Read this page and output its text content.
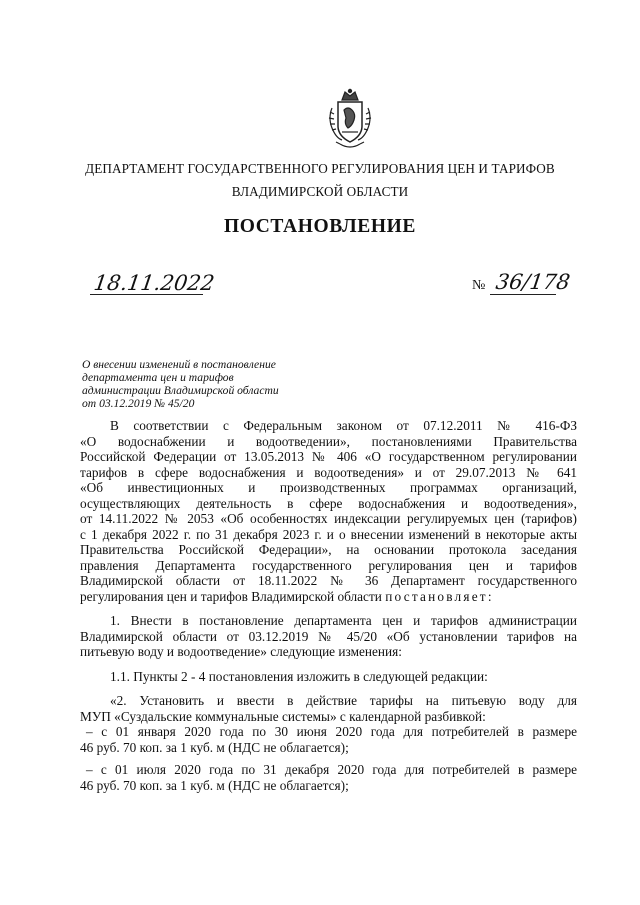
ДЕПАРТАМЕНТ ГОСУДАРСТВЕННОГО РЕГУЛИРОВАНИЯ ЦЕН И ТАРИФОВ
ВЛАДИМИРСКОЙ ОБЛАСТИ
ПОСТАНОВЛЕНИЕ
18.11.2022	№ 36/178
О внесении изменений в постановление
департамента цен и тарифов
администрации Владимирской области
от 03.12.2019 № 45/20
В соответствии с Федеральным законом от 07.12.2011 № 416-ФЗ
«О водоснабжении и водоотведении», постановлениями Правительства
Российской Федерации от 13.05.2013 № 406 «О государственном регулировании
тарифов в сфере водоснабжения и водоотведения» и от 29.07.2013 № 641
«Об инвестиционных и производственных программах организаций,
осуществляющих деятельность в сфере водоснабжения и водоотведения»,
от 14.11.2022 № 2053 «Об особенностях индексации регулируемых цен (тарифов)
с 1 декабря 2022 г. по 31 декабря 2023 г. и о внесении изменений в некоторые акты
Правительства Российской Федерации», на основании протокола заседания
правления Департамента государственного регулирования цен и тарифов
Владимирской области от 18.11.2022 № 36 Департамент государственного
регулирования цен и тарифов Владимирской области постановляет:
1. Внести в постановление департамента цен и тарифов администрации
Владимирской области от 03.12.2019 № 45/20 «Об установлении тарифов на
питьевую воду и водоотведение» следующие изменения:
1.1. Пункты 2 - 4 постановления изложить в следующей редакции:
«2. Установить и ввести в действие тарифы на питьевую воду для
МУП «Суздальские коммунальные системы» с календарной разбивкой:
– с 01 января 2020 года по 30 июня 2020 года для потребителей в размере
46 руб. 70 коп. за 1 куб. м (НДС не облагается);
– с 01 июля 2020 года по 31 декабря 2020 года для потребителей в размере
46 руб. 70 коп. за 1 куб. м (НДС не облагается);
